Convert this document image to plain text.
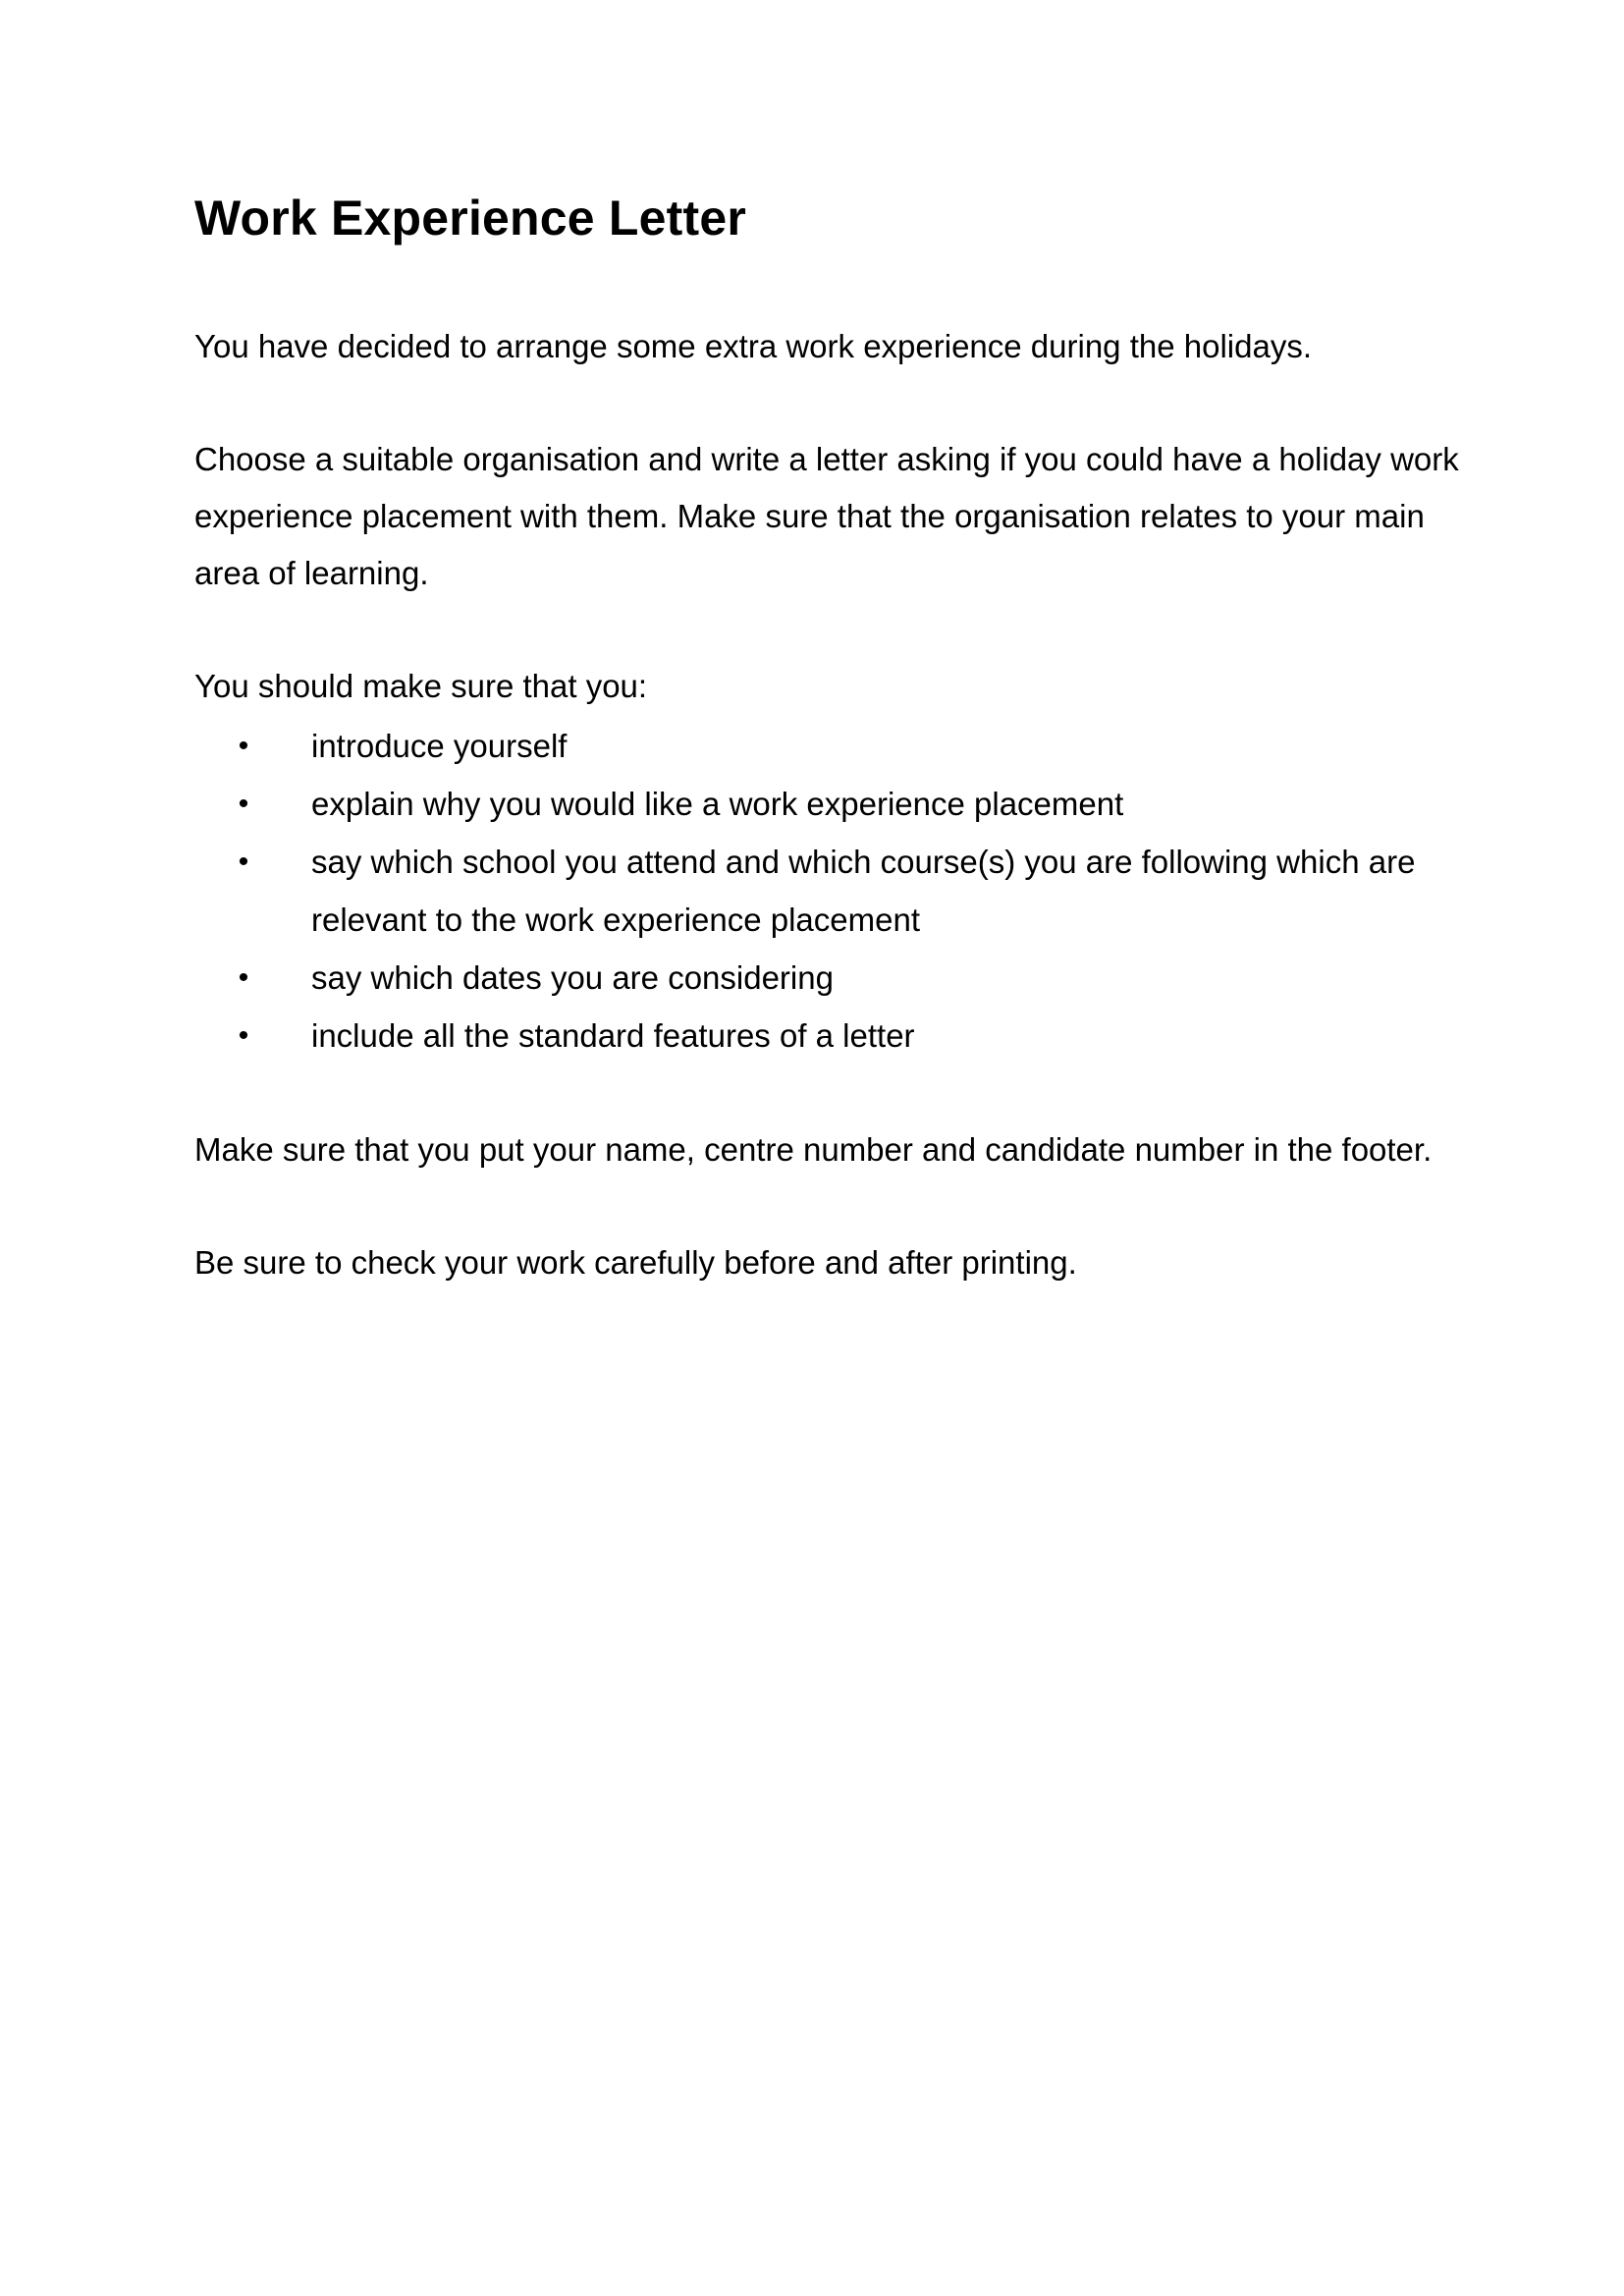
Work Experience Letter

You have decided to arrange some extra work experience during the holidays.

Choose a suitable organisation and write a letter asking if you could have a holiday work experience placement with them. Make sure that the organisation relates to your main area of learning.

You should make sure that you:

• introduce yourself
• explain why you would like a work experience placement
• say which school you attend and which course(s) you are following which are relevant to the work experience placement
• say which dates you are considering
• include all the standard features of a letter

Make sure that you put your name, centre number and candidate number in the footer.

Be sure to check your work carefully before and after printing.
